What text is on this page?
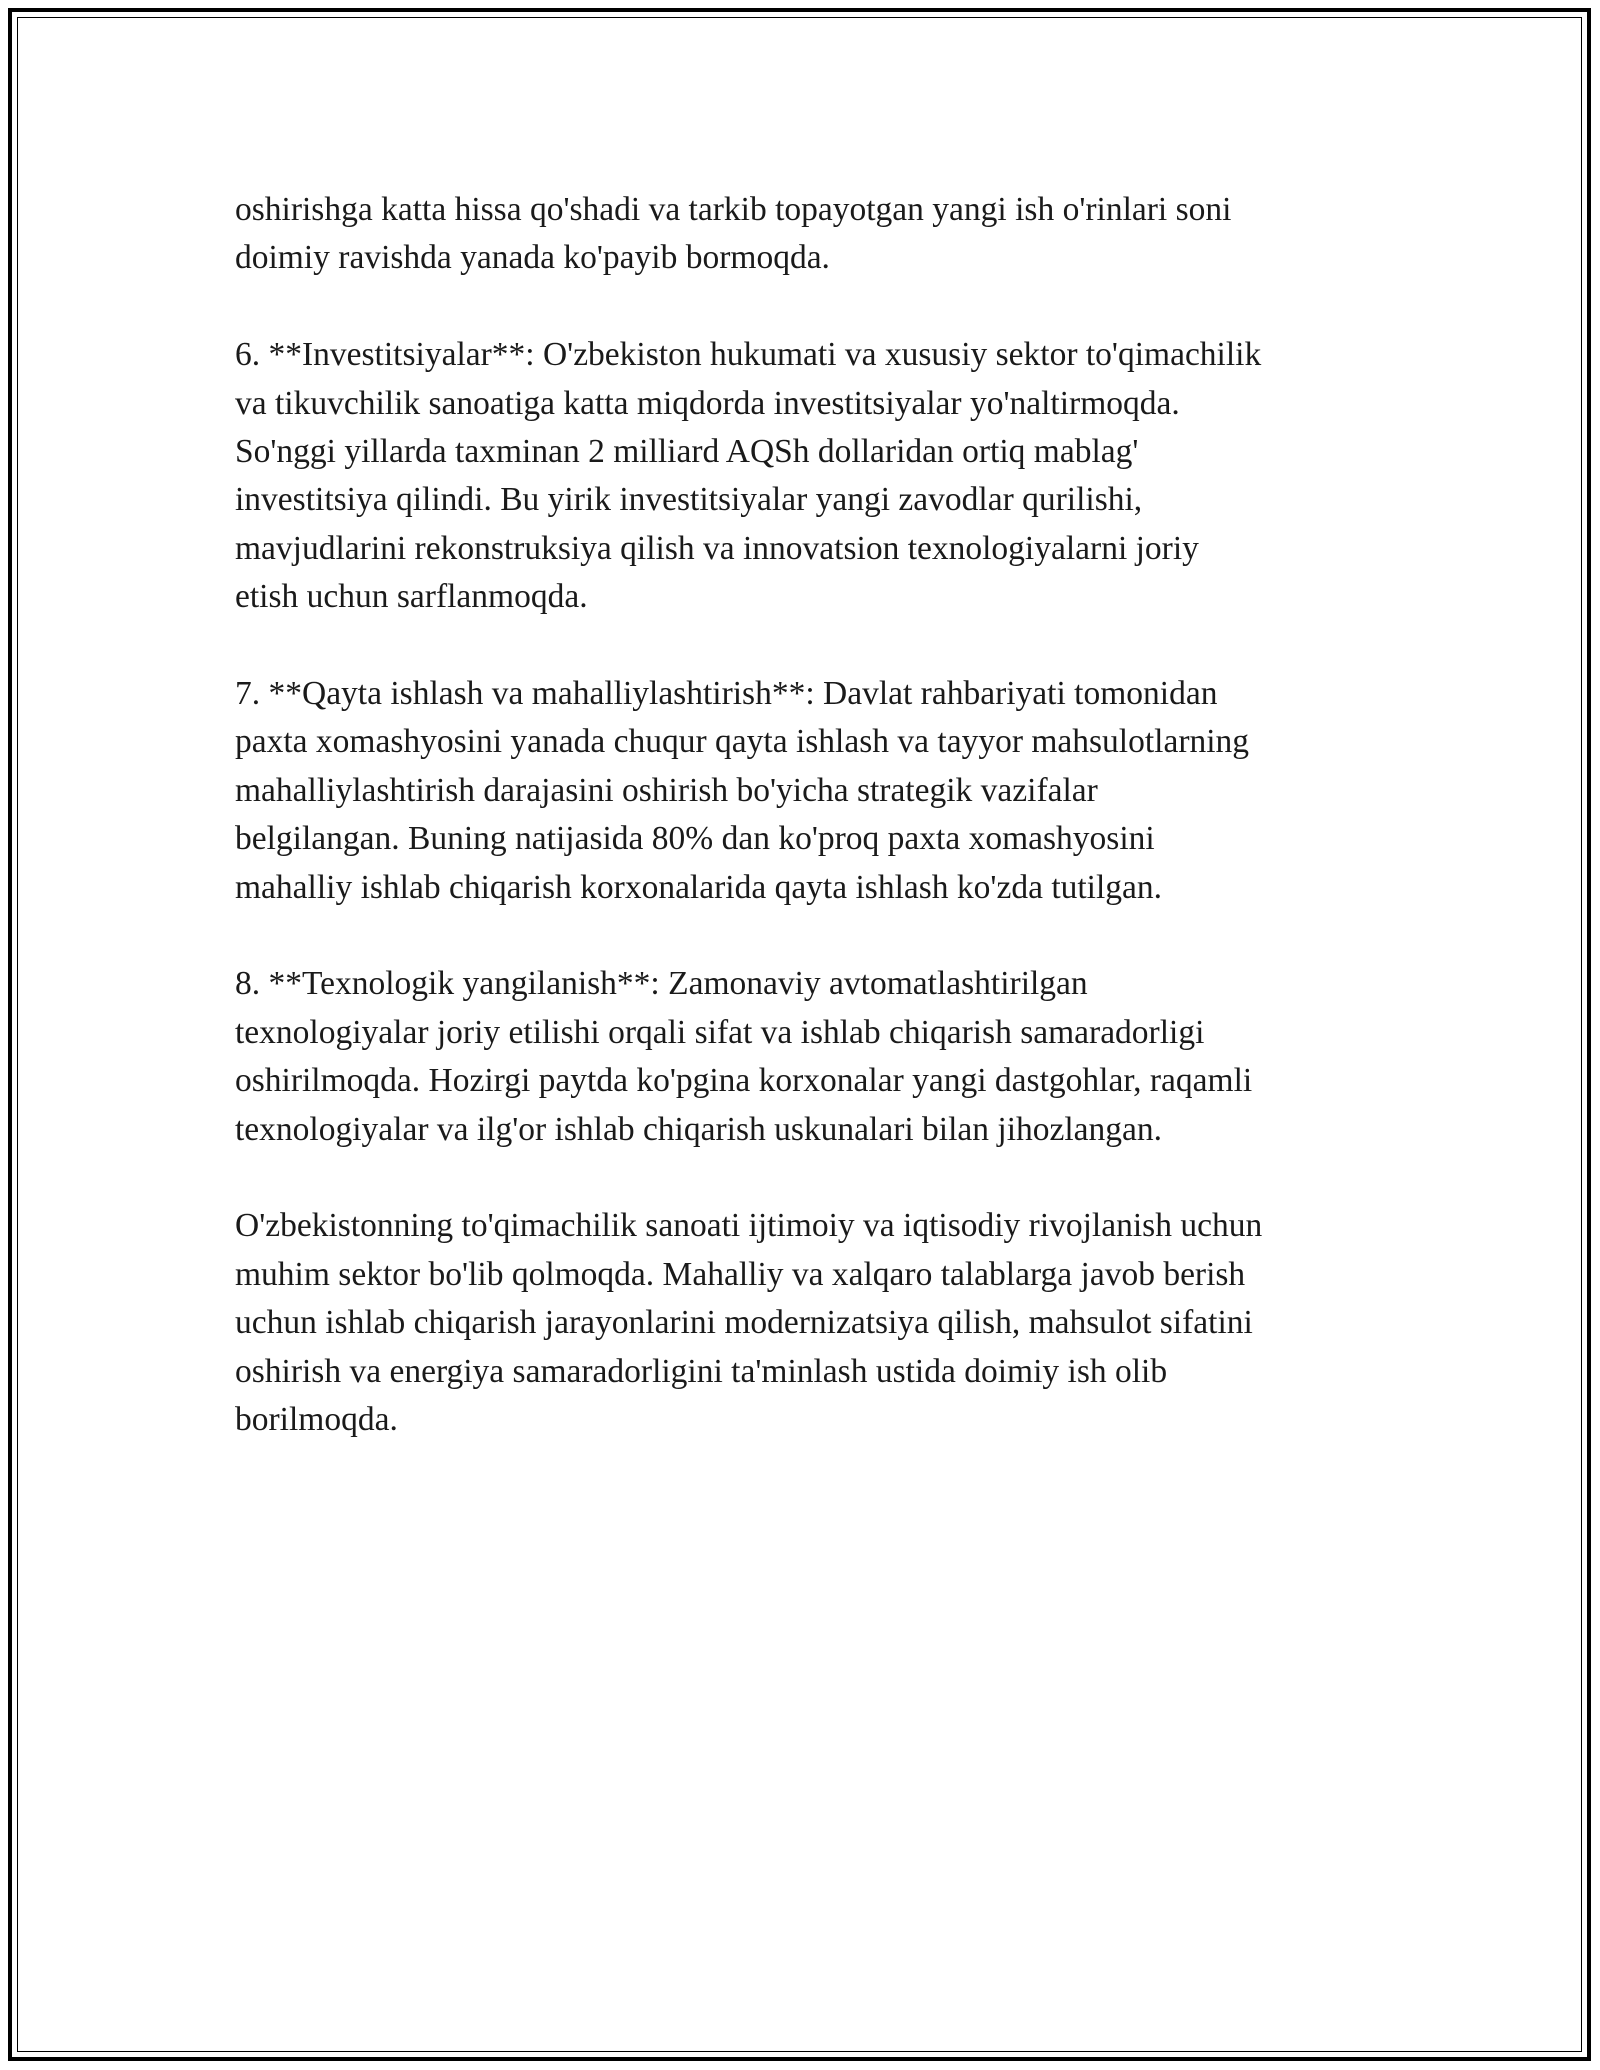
oshirishga katta hissa qo'shadi va tarkib topayotgan yangi ish o'rinlari soni
doimiy ravishda yanada ko'payib bormoqda.

6. **Investitsiyalar**: O'zbekiston hukumati va xususiy sektor to'qimachilik
va tikuvchilik sanoatiga katta miqdorda investitsiyalar yo'naltirmoqda.
So'nggi yillarda taxminan 2 milliard AQSh dollaridan ortiq mablag'
investitsiya qilindi. Bu yirik investitsiyalar yangi zavodlar qurilishi,
mavjudlarini rekonstruksiya qilish va innovatsion texnologiyalarni joriy
etish uchun sarflanmoqda.

7. **Qayta ishlash va mahalliylashtirish**: Davlat rahbariyati tomonidan
paxta xomashyosini yanada chuqur qayta ishlash va tayyor mahsulotlarning
mahalliylashtirish darajasini oshirish bo'yicha strategik vazifalar
belgilangan. Buning natijasida 80% dan ko'proq paxta xomashyosini
mahalliy ishlab chiqarish korxonalarida qayta ishlash ko'zda tutilgan.

8. **Texnologik yangilanish**: Zamonaviy avtomatlashtirilgan
texnologiyalar joriy etilishi orqali sifat va ishlab chiqarish samaradorligi
oshirilmoqda. Hozirgi paytda ko'pgina korxonalar yangi dastgohlar, raqamli
texnologiyalar va ilg'or ishlab chiqarish uskunalari bilan jihozlangan.

O'zbekistonning to'qimachilik sanoati ijtimoiy va iqtisodiy rivojlanish uchun
muhim sektor bo'lib qolmoqda. Mahalliy va xalqaro talablarga javob berish
uchun ishlab chiqarish jarayonlarini modernizatsiya qilish, mahsulot sifatini
oshirish va energiya samaradorligini ta'minlash ustida doimiy ish olib
borilmoqda.
